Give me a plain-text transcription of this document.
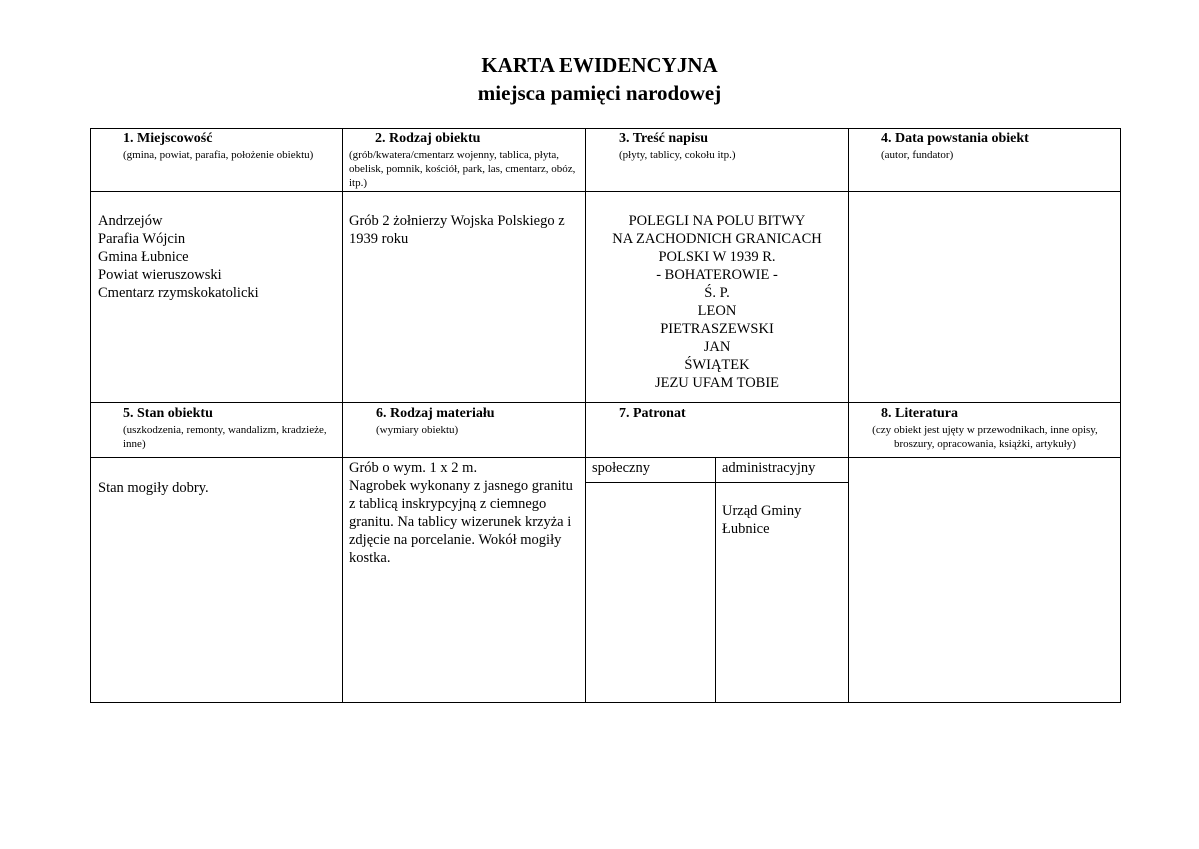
KARTA EWIDENCYJNA
miejsca pamięci narodowej
1. Miejscowość
(gmina, powiat, parafia, położenie obiektu)
2. Rodzaj obiektu
(grób/kwatera/cmentarz wojenny, tablica, płyta, obelisk, pomnik, kościół, park, las, cmentarz, obóz, itp.)
3. Treść napisu
(płyty, tablicy, cokołu itp.)
4. Data powstania obiekt
(autor, fundator)
Andrzejów
Parafia Wójcin
Gmina Łubnice
Powiat wieruszowski
Cmentarz rzymskokatolicki
Grób 2 żołnierzy Wojska Polskiego z 1939 roku
POLEGLI NA POLU BITWY
NA ZACHODNICH GRANICACH
POLSKI W 1939 R.
- BOHATEROWIE -
Ś. P.
LEON
PIETRASZEWSKI
JAN
ŚWIĄTEK
JEZU UFAM TOBIE
5. Stan obiektu
(uszkodzenia, remonty, wandalizm, kradzieże, inne)
6. Rodzaj materiału
(wymiary obiektu)
7. Patronat	8. Literatura
(czy obiekt jest ujęty w przewodnikach, inne opisy, broszury, opracowania, książki, artykuły)
Stan mogiły dobry.
Grób o wym. 1 x 2 m.
Nagrobek wykonany z jasnego granitu z tablicą inskrypcyjną z ciemnego granitu. Na tablicy wizerunek krzyża i zdjęcie na porcelanie. Wokół mogiły kostka.
społeczny	administracyjny
Urząd Gminy
Łubnice
